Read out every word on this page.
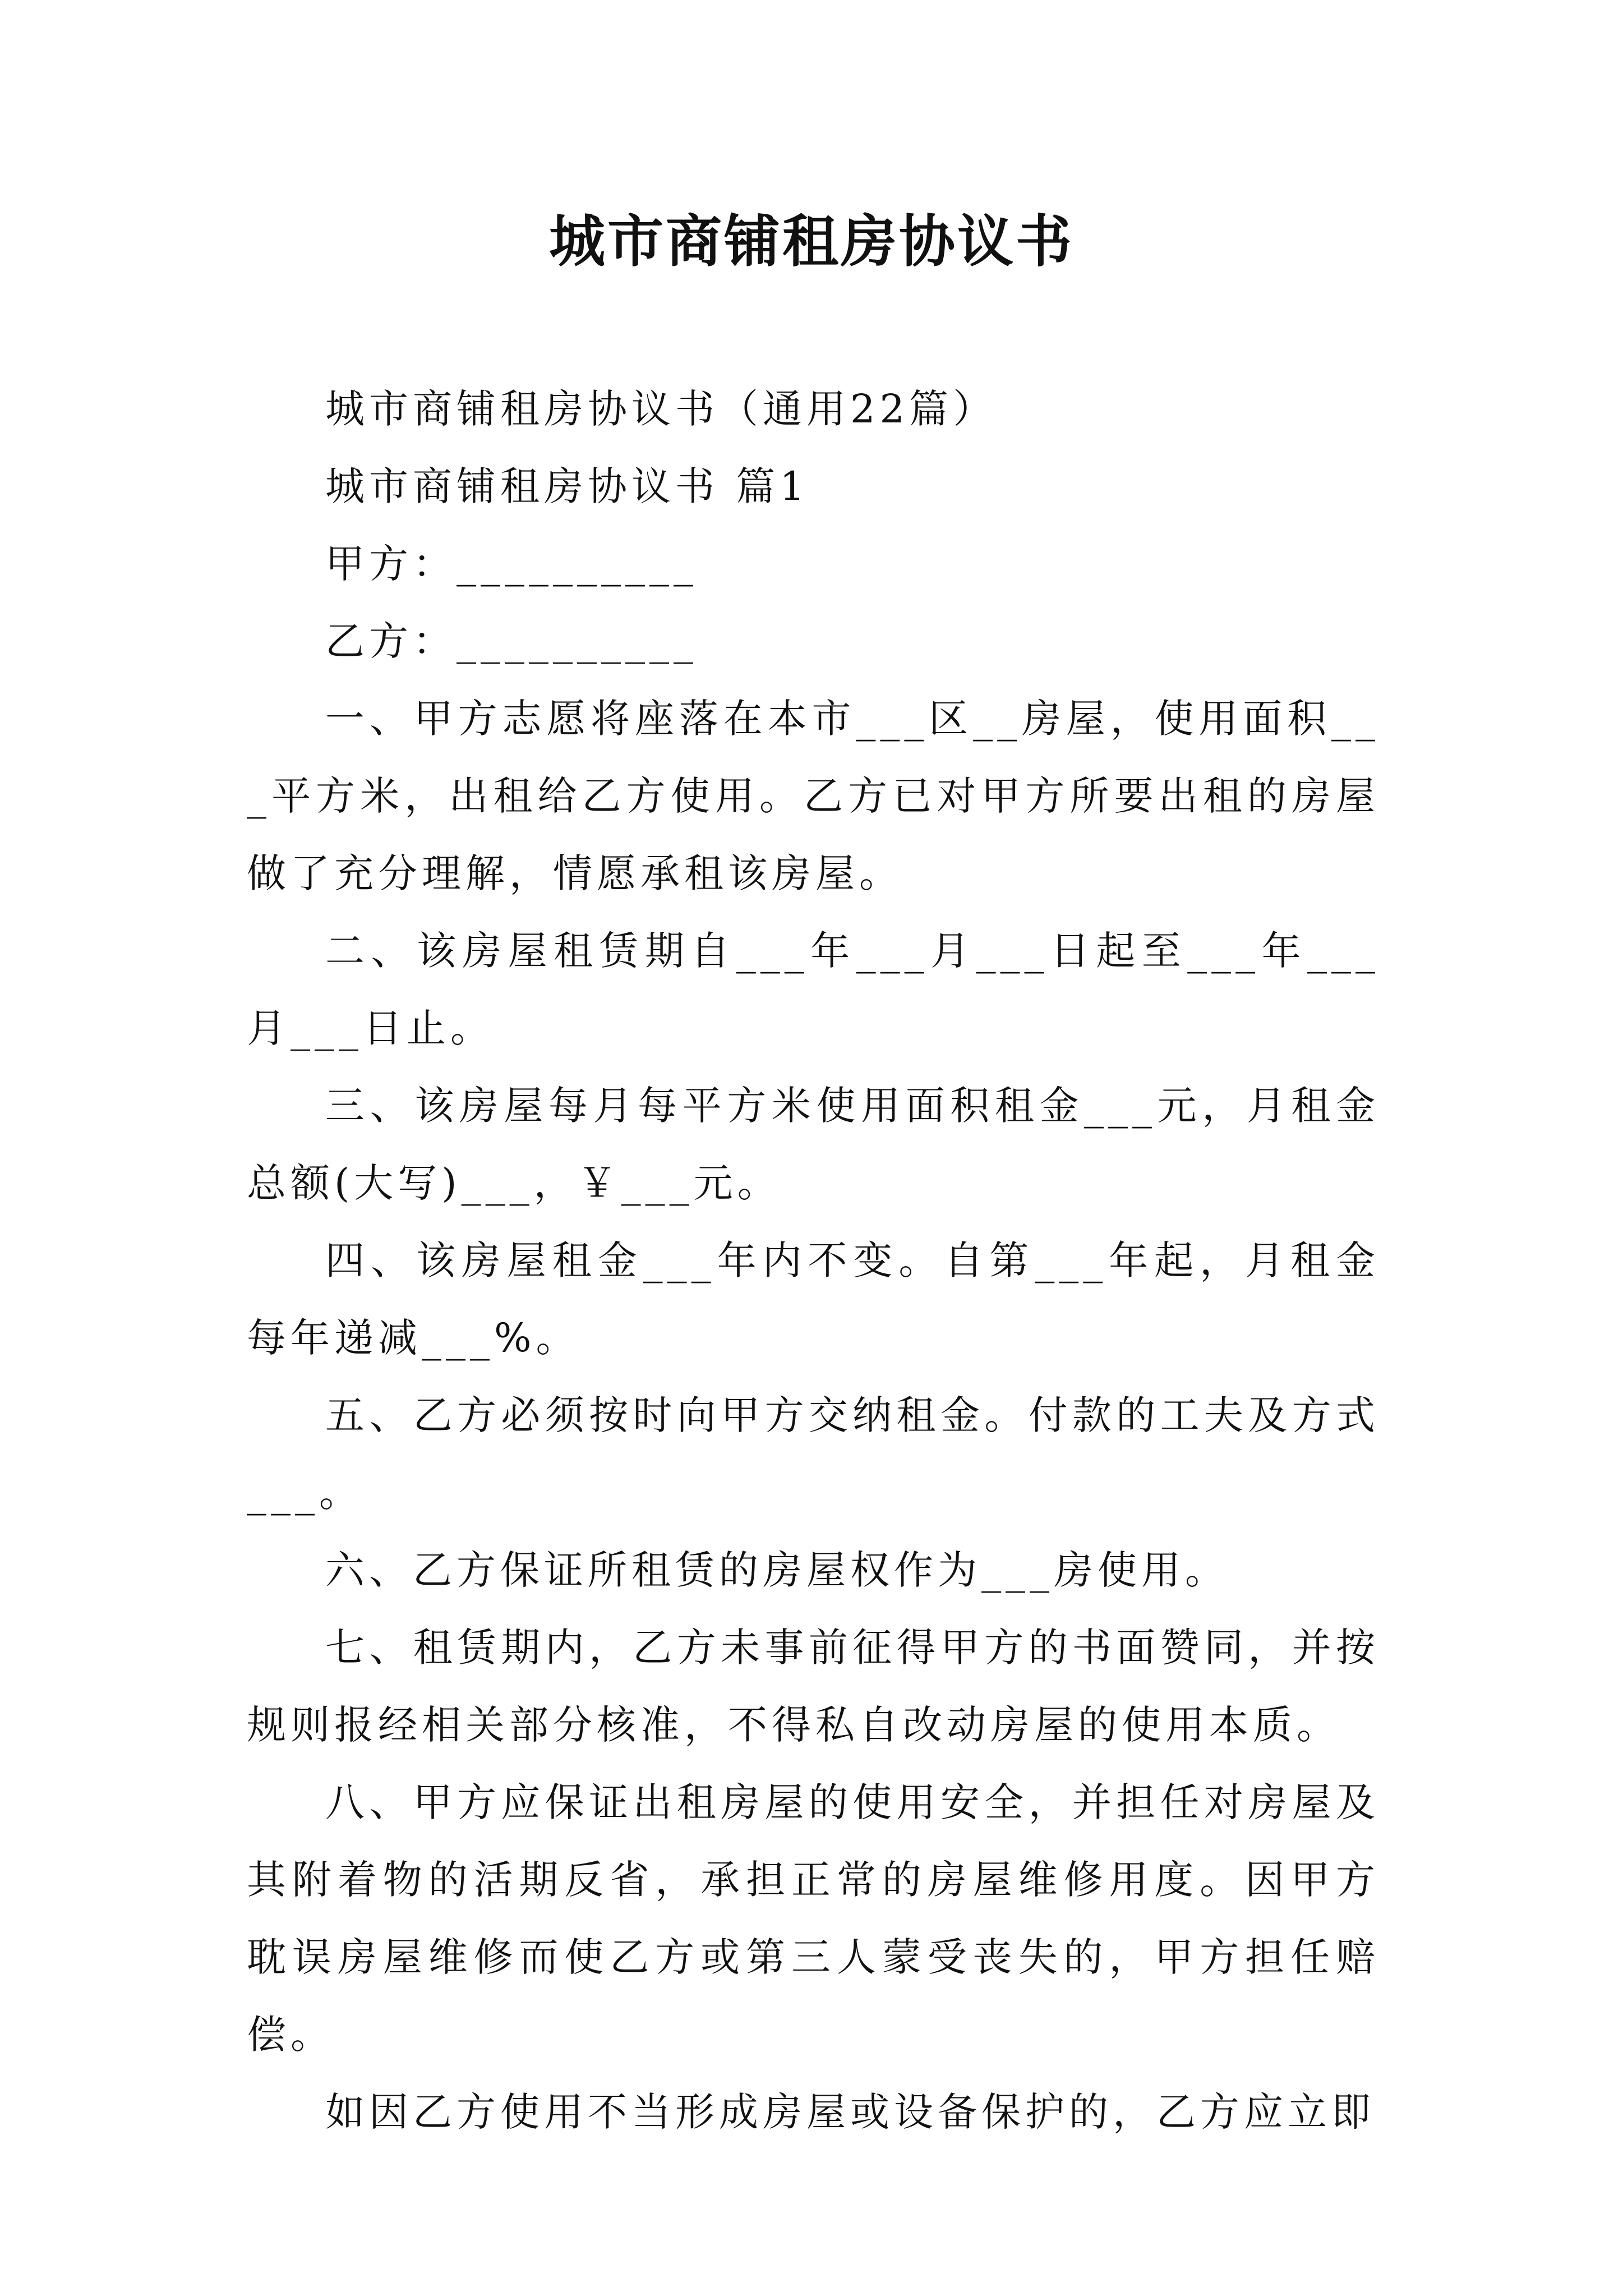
城市商铺租房协议书

城市商铺租房协议书（通用22篇）

城市商铺租房协议书 篇1

甲方：__________

乙方：__________

一、甲方志愿将座落在本市___区__房屋，使用面积___平方米，出租给乙方使用。乙方已对甲方所要出租的房屋做了充分理解，情愿承租该房屋。

二、该房屋租赁期自___年___月___日起至___年___月___日止。

三、该房屋每月每平方米使用面积租金___元，月租金总额(大写)___，￥___元。

四、该房屋租金___年内不变。自第___年起，月租金每年递减___%。

五、乙方必须按时向甲方交纳租金。付款的工夫及方式___。

六、乙方保证所租赁的房屋权作为___房使用。

七、租赁期内，乙方未事前征得甲方的书面赞同，并按规则报经相关部分核准，不得私自改动房屋的使用本质。

八、甲方应保证出租房屋的使用安全，并担任对房屋及其附着物的活期反省，承担正常的房屋维修用度。因甲方耽误房屋维修而使乙方或第三人蒙受丧失的，甲方担任赔偿。

如因乙方使用不当形成房屋或设备保护的，乙方应立即
